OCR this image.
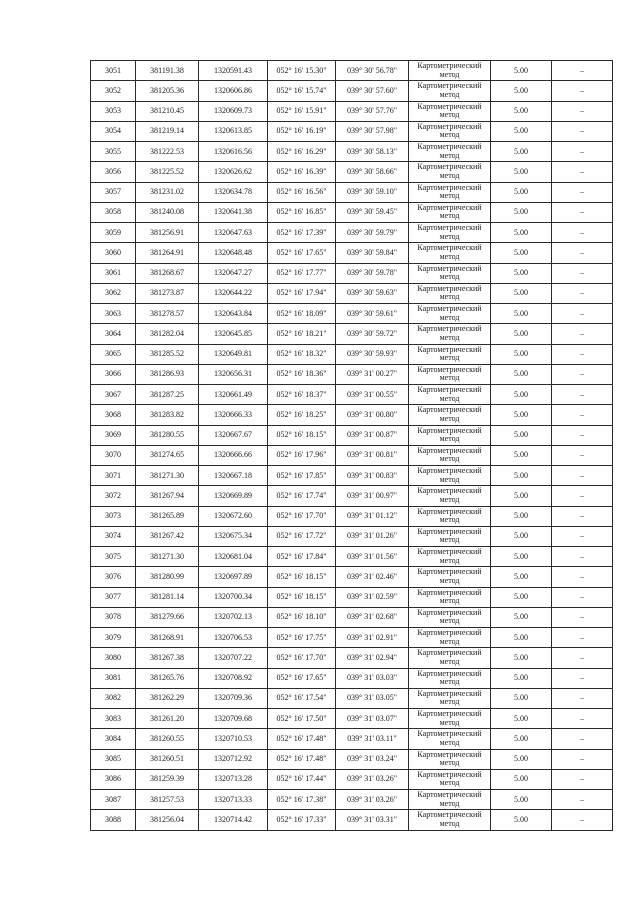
3051	381191.38	1320591.43	052° 16' 15.30"	039° 30' 56.78"	Картометрический метод	5.00	–
3052	381205.36	1320606.86	052° 16' 15.74"	039° 30' 57.60"	Картометрический метод	5.00	–
3053	381210.45	1320609.73	052° 16' 15.91"	039° 30' 57.76"	Картометрический метод	5.00	–
3054	381219.14	1320613.85	052° 16' 16.19"	039° 30' 57.98"	Картометрический метод	5.00	–
3055	381222.53	1320616.56	052° 16' 16.29"	039° 30' 58.13"	Картометрический метод	5.00	–
3056	381225.52	1320626.62	052° 16' 16.39"	039° 30' 58.66"	Картометрический метод	5.00	–
3057	381231.02	1320634.78	052° 16' 16.56"	039° 30' 59.10"	Картометрический метод	5.00	–
3058	381240.08	1320641.38	052° 16' 16.85"	039° 30' 59.45"	Картометрический метод	5.00	–
3059	381256.91	1320647.63	052° 16' 17.39"	039° 30' 59.79"	Картометрический метод	5.00	–
3060	381264.91	1320648.48	052° 16' 17.65"	039° 30' 59.84"	Картометрический метод	5.00	–
3061	381268.67	1320647.27	052° 16' 17.77"	039° 30' 59.78"	Картометрический метод	5.00	–
3062	381273.87	1320644.22	052° 16' 17.94"	039° 30' 59.63"	Картометрический метод	5.00	–
3063	381278.57	1320643.84	052° 16' 18.09"	039° 30' 59.61"	Картометрический метод	5.00	–
3064	381282.04	1320645.85	052° 16' 18.21"	039° 30' 59.72"	Картометрический метод	5.00	–
3065	381285.52	1320649.81	052° 16' 18.32"	039° 30' 59.93"	Картометрический метод	5.00	–
3066	381286.93	1320656.31	052° 16' 18.36"	039° 31' 00.27"	Картометрический метод	5.00	–
3067	381287.25	1320661.49	052° 16' 18.37"	039° 31' 00.55"	Картометрический метод	5.00	–
3068	381283.82	1320666.33	052° 16' 18.25"	039° 31' 00.80"	Картометрический метод	5.00	–
3069	381280.55	1320667.67	052° 16' 18.15"	039° 31' 00.87"	Картометрический метод	5.00	–
3070	381274.65	1320666.66	052° 16' 17.96"	039° 31' 00.81"	Картометрический метод	5.00	–
3071	381271.30	1320667.18	052° 16' 17.85"	039° 31' 00.83"	Картометрический метод	5.00	–
3072	381267.94	1320669.89	052° 16' 17.74"	039° 31' 00.97"	Картометрический метод	5.00	–
3073	381265.89	1320672.60	052° 16' 17.70"	039° 31' 01.12"	Картометрический метод	5.00	–
3074	381267.42	1320675.34	052° 16' 17.72"	039° 31' 01.26"	Картометрический метод	5.00	–
3075	381271.30	1320681.04	052° 16' 17.84"	039° 31' 01.56"	Картометрический метод	5.00	–
3076	381280.99	1320697.89	052° 16' 18.15"	039° 31' 02.46"	Картометрический метод	5.00	–
3077	381281.14	1320700.34	052° 16' 18.15"	039° 31' 02.59"	Картометрический метод	5.00	–
3078	381279.66	1320702.13	052° 16' 18.10"	039° 31' 02.68"	Картометрический метод	5.00	–
3079	381268.91	1320706.53	052° 16' 17.75"	039° 31' 02.91"	Картометрический метод	5.00	–
3080	381267.38	1320707.22	052° 16' 17.70"	039° 31' 02.94"	Картометрический метод	5.00	–
3081	381265.76	1320708.92	052° 16' 17.65"	039° 31' 03.03"	Картометрический метод	5.00	–
3082	381262.29	1320709.36	052° 16' 17.54"	039° 31' 03.05"	Картометрический метод	5.00	–
3083	381261.20	1320709.68	052° 16' 17.50"	039° 31' 03.07"	Картометрический метод	5.00	–
3084	381260.55	1320710.53	052° 16' 17.48"	039° 31' 03.11"	Картометрический метод	5.00	–
3085	381260.51	1320712.92	052° 16' 17.48"	039° 31' 03.24"	Картометрический метод	5.00	–
3086	381259.39	1320713.28	052° 16' 17.44"	039° 31' 03.26"	Картометрический метод	5.00	–
3087	381257.53	1320713.33	052° 16' 17.38"	039° 31' 03.26"	Картометрический метод	5.00	–
3088	381256.04	1320714.42	052° 16' 17.33"	039° 31' 03.31"	Картометрический метод	5.00	–
